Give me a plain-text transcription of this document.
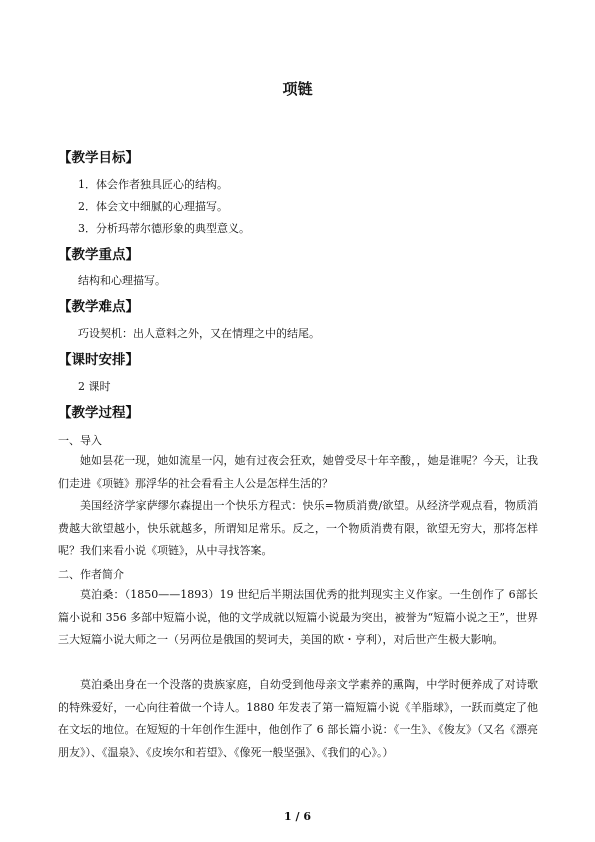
项链
【教学目标】
1．体会作者独具匠心的结构。
2．体会文中细腻的心理描写。
3．分析玛蒂尔德形象的典型意义。
【教学重点】
结构和心理描写。
【教学难点】
巧设契机：出人意料之外，又在情理之中的结尾。
【课时安排】
2 课时
【教学过程】
一、导入

她如昙花一现，她如流星一闪，她有过夜会狂欢，她曾受尽十年辛酸，，她是谁呢？今天，让我们走进《项链》那浮华的社会看看主人公是怎样生活的？

美国经济学家萨缪尔森提出一个快乐方程式：快乐=物质消费/欲望。从经济学观点看，物质消费越大欲望越小，快乐就越多，所谓知足常乐。反之，一个物质消费有限，欲望无穷大，那将怎样呢？我们来看小说《项链》，从中寻找答案。

二、作者简介

莫泊桑：（1850——1893）19 世纪后半期法国优秀的批判现实主义作家。一生创作了 6部长篇小说和 356 多部中短篇小说，他的文学成就以短篇小说最为突出，被誉为“短篇小说之王”，世界三大短篇小说大师之一（另两位是俄国的契诃夫，美国的欧・亨利），对后世产生极大影响。

莫泊桑出身在一个没落的贵族家庭，自幼受到他母亲文学素养的熏陶，中学时便养成了对诗歌的特殊爱好，一心向往着做一个诗人。1880 年发表了第一篇短篇小说《羊脂球》，一跃而奠定了他在文坛的地位。在短短的十年创作生涯中，他创作了 6 部长篇小说：《一生》、《俊友》（又名《漂亮朋友》）、《温泉》、《皮埃尔和若望》、《像死一般坚强》、《我们的心》。）

1 / 6
